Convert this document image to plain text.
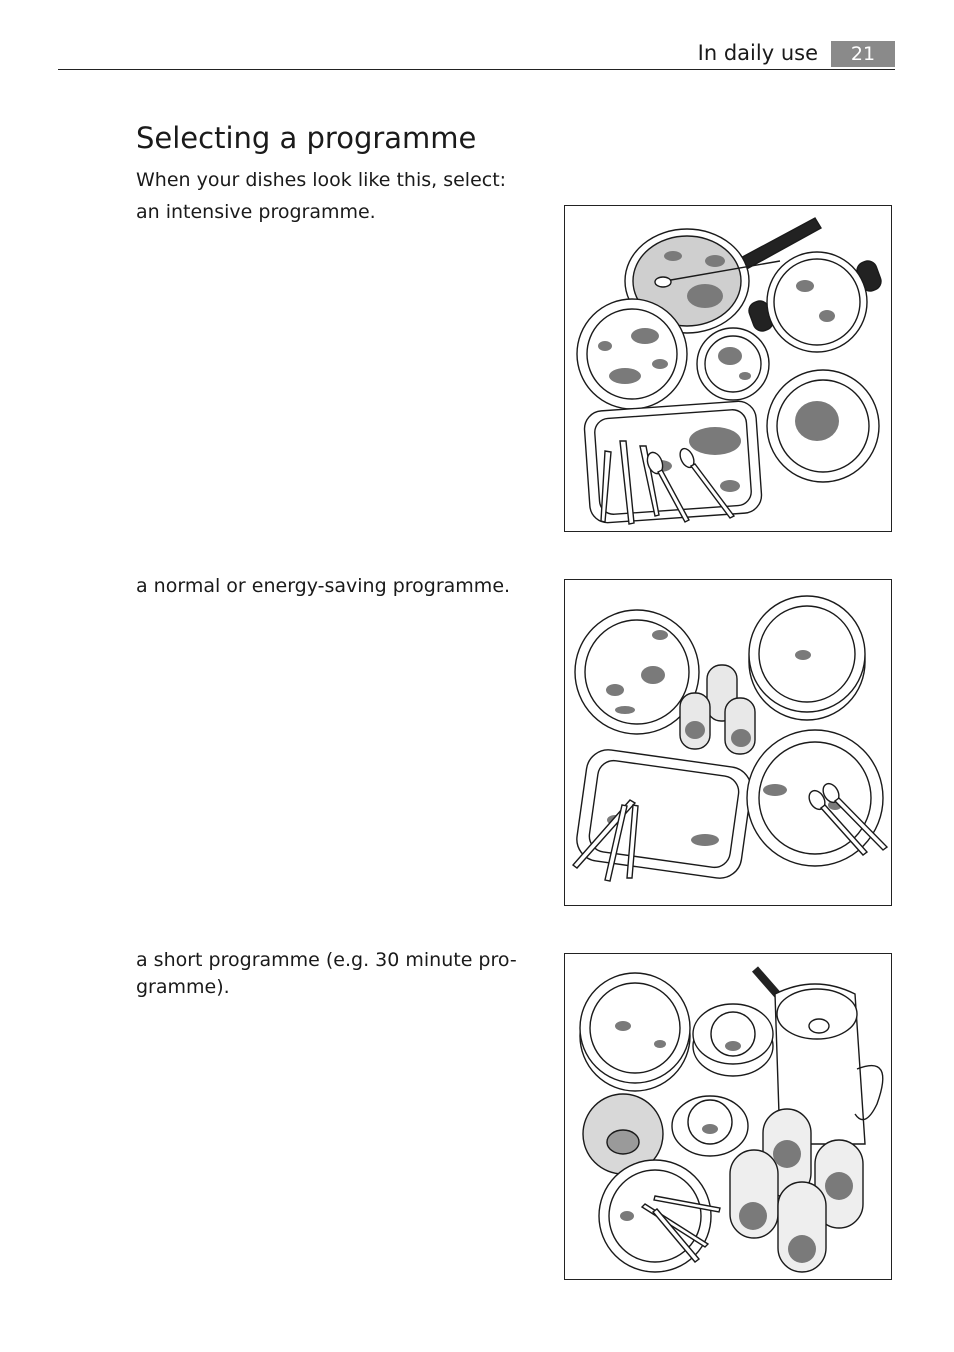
In daily use	21
Selecting a programme
When your dishes look like this, select:
an intensive programme.
a normal or energy-saving programme.
a short programme (e.g. 30 minute pro-
gramme).
